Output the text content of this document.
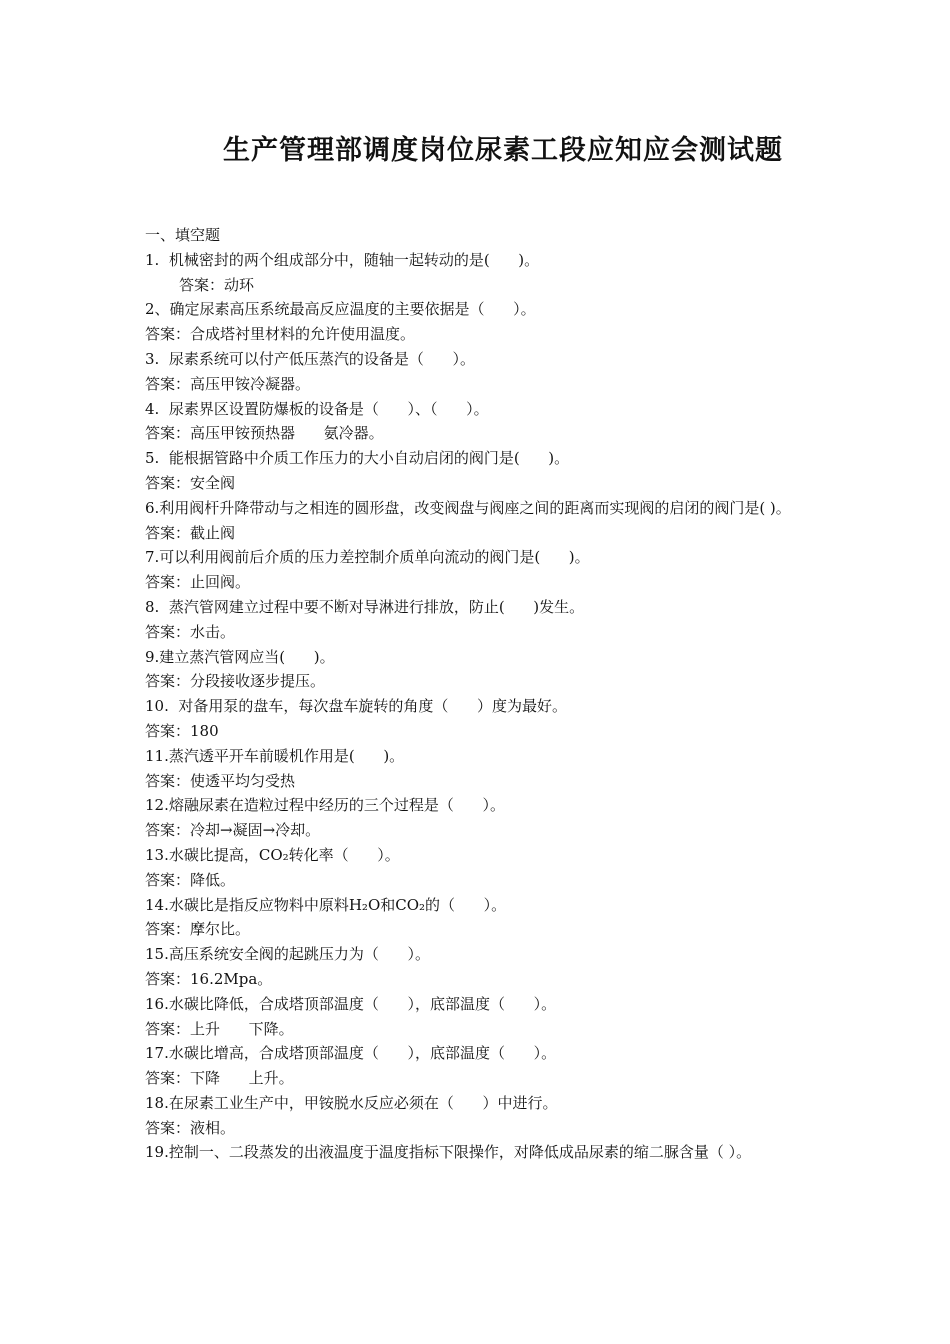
生产管理部调度岗位尿素工段应知应会测试题

一、填空题

1.  机械密封的两个组成部分中，随轴一起转动的是(      )。

答案：动环

2、确定尿素高压系统最高反应温度的主要依据是（      ）。

答案：合成塔衬里材料的允许使用温度。

3.  尿素系统可以付产低压蒸汽的设备是（      ）。

答案：高压甲铵冷凝器。

4.  尿素界区设置防爆板的设备是（      ）、（      ）。

答案：高压甲铵预热器      氨冷器。

5.  能根据管路中介质工作压力的大小自动启闭的阀门是(      )。

答案：安全阀

6.利用阀杆升降带动与之相连的圆形盘，改变阀盘与阀座之间的距离而实现阀的启闭的阀门是( )。

答案：截止阀

7.可以利用阀前后介质的压力差控制介质单向流动的阀门是(      )。

答案：止回阀。

8.  蒸汽管网建立过程中要不断对导淋进行排放，防止(      )发生。

答案：水击。

9.建立蒸汽管网应当(      )。

答案：分段接收逐步提压。

10.  对备用泵的盘车，每次盘车旋转的角度（      ）度为最好。

答案：180

11.蒸汽透平开车前暖机作用是(      )。

答案：使透平均匀受热

12.熔融尿素在造粒过程中经历的三个过程是（      ）。

答案：冷却→凝固→冷却。

13.水碳比提高，CO₂转化率（      ）。

答案：降低。

14.水碳比是指反应物料中原料H₂O和CO₂的（      ）。

答案：摩尔比。

15.高压系统安全阀的起跳压力为（      ）。

答案：16.2Mpa。

16.水碳比降低，合成塔顶部温度（      ），底部温度（      ）。

答案：上升      下降。

17.水碳比增高，合成塔顶部温度（      ），底部温度（      ）。

答案：下降      上升。

18.在尿素工业生产中，甲铵脱水反应必须在（      ）中进行。

答案：液相。

19.控制一、二段蒸发的出液温度于温度指标下限操作，对降低成品尿素的缩二脲含量（ ）。
